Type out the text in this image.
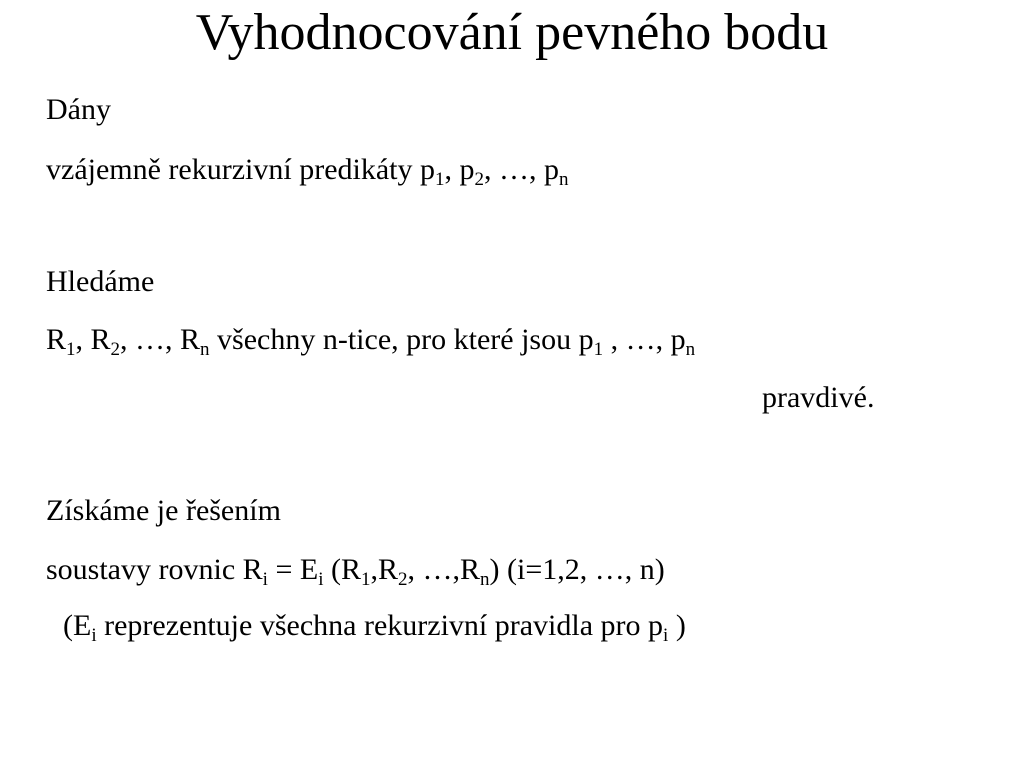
Vyhodnocování pevného bodu
Dány
vzájemně rekurzivní predikáty $p_1$, $p_2$, …, $p_n$
Hledáme
$R_1$, $R_2$, …, $R_n$ všechny n-tice, pro které jsou $p_1$ , …, $p_n$
pravdivé.
Získáme je řešením
soustavy rovnic $R_i = E_i$ ($R_1,R_2$, $\dots,R_n$) (i=1,2, …, n)
($E_i$ reprezentuje všechna rekurzivní pravidla pro $p_i$ )
